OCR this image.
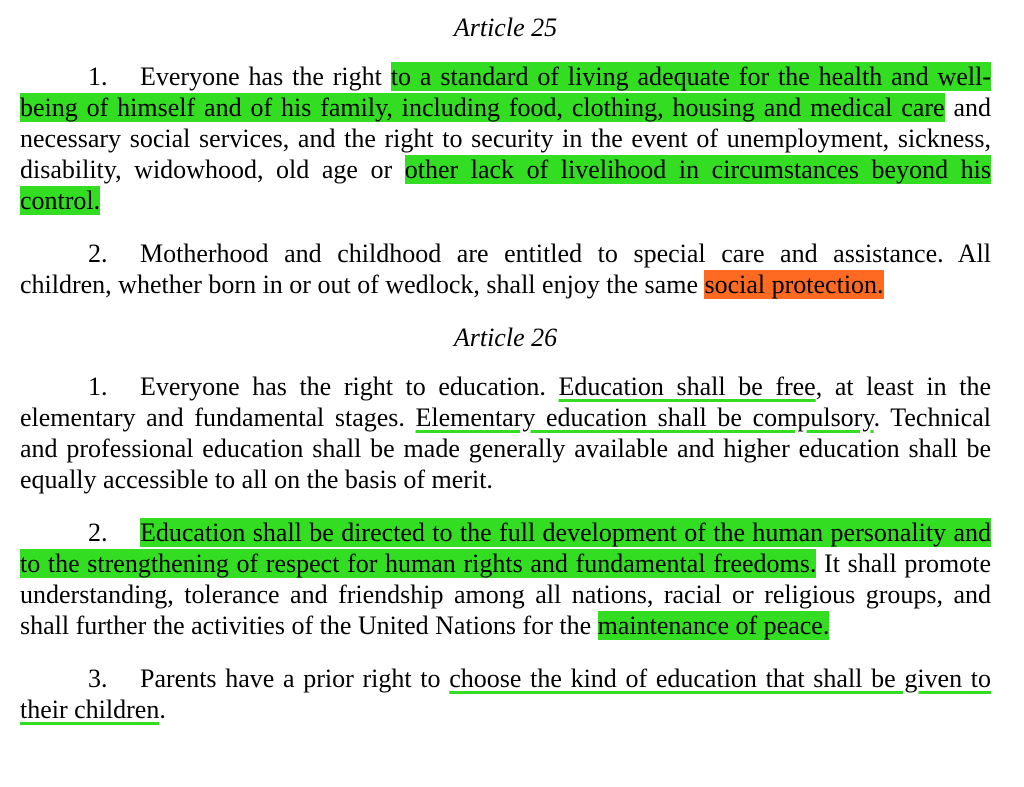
Article 25

1. Everyone has the right to a standard of living adequate for the health and well-being of himself and of his family, including food, clothing, housing and medical care and necessary social services, and the right to security in the event of unemployment, sickness, disability, widowhood, old age or other lack of livelihood in circumstances beyond his control.

2. Motherhood and childhood are entitled to special care and assistance. All children, whether born in or out of wedlock, shall enjoy the same social protection.

Article 26

1. Everyone has the right to education. Education shall be free, at least in the elementary and fundamental stages. Elementary education shall be compulsory. Technical and professional education shall be made generally available and higher education shall be equally accessible to all on the basis of merit.

2. Education shall be directed to the full development of the human personality and to the strengthening of respect for human rights and fundamental freedoms. It shall promote understanding, tolerance and friendship among all nations, racial or religious groups, and shall further the activities of the United Nations for the maintenance of peace.

3. Parents have a prior right to choose the kind of education that shall be given to their children.
